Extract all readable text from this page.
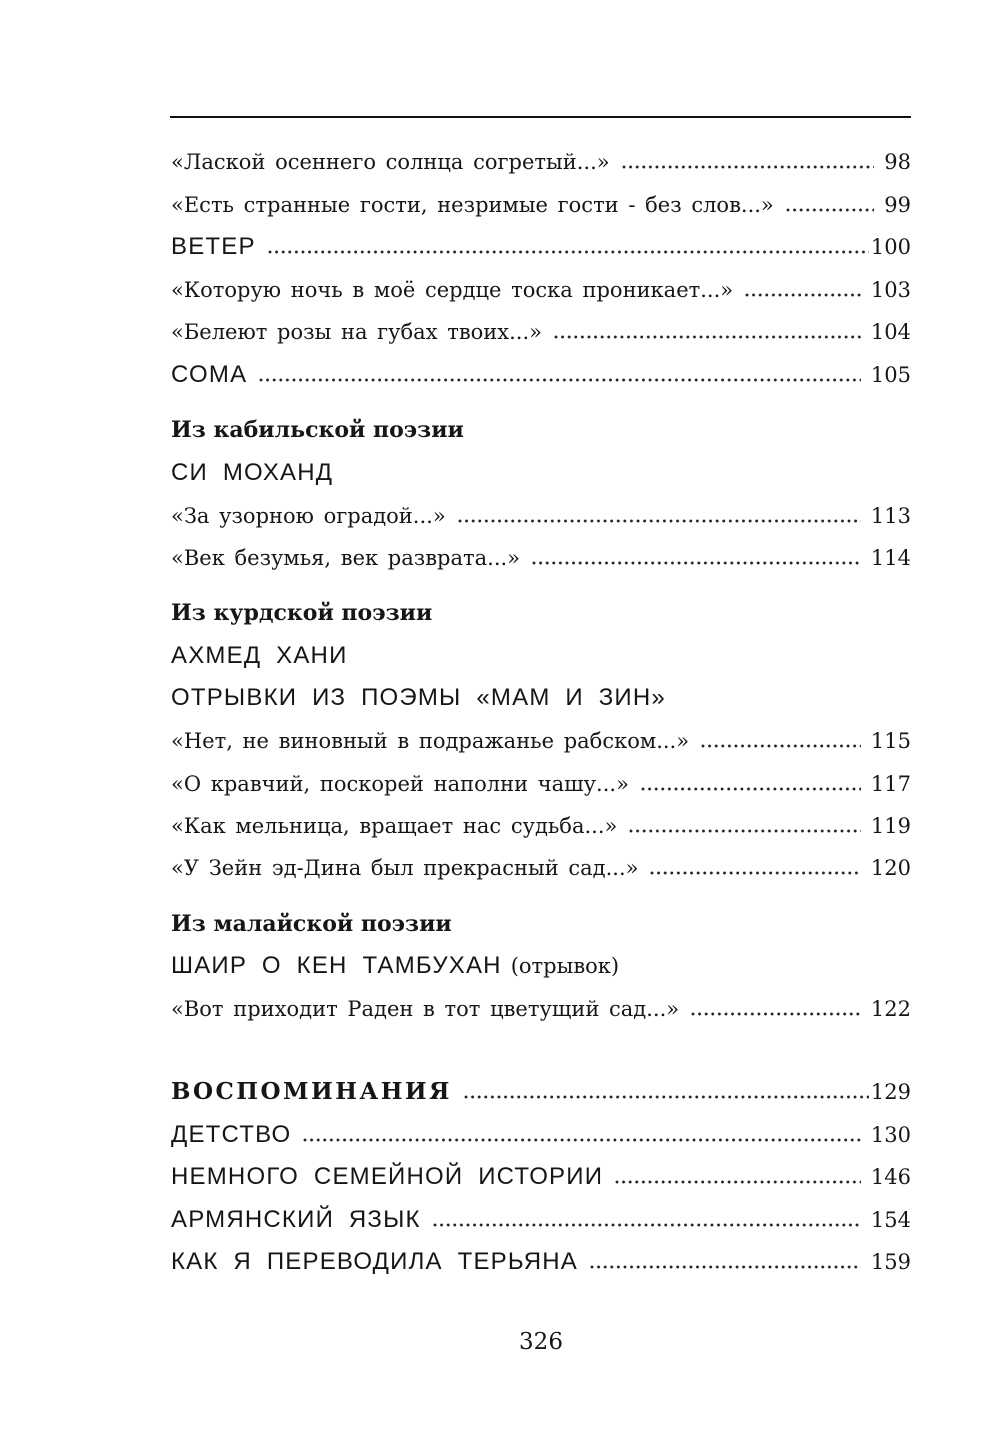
«Лаской осеннего солнца согретый...»	98
«Есть странные гости, незримые гости - без слов...»	99
ВЕТЕР	100
«Которую ночь в моё сердце тоска проникает...»	103
«Белеют розы на губах твоих...»	104
СОМА	105
Из кабильской поэзии
СИ МОХАНД
«За узорною оградой...»	113
«Век безумья, век разврата...»	114
Из курдской поэзии
АХМЕД ХАНИ
ОТРЫВКИ ИЗ ПОЭМЫ «МАМ И ЗИН»
«Нет, не виновный в подражанье рабском...»	115
«О кравчий, поскорей наполни чашу...»	117
«Как мельница, вращает нас судьба...»	119
«У Зейн эд-Дина был прекрасный сад...»	120
Из малайской поэзии
ШАИР О КЕН ТАМБУХАН (отрывок)
«Вот приходит Раден в тот цветущий сад...»	122
ВОСПОМИНАНИЯ	129
ДЕТСТВО	130
НЕМНОГО СЕМЕЙНОЙ ИСТОРИИ	146
АРМЯНСКИЙ ЯЗЫК	154
КАК Я ПЕРЕВОДИЛА ТЕРЬЯНА	159
326
